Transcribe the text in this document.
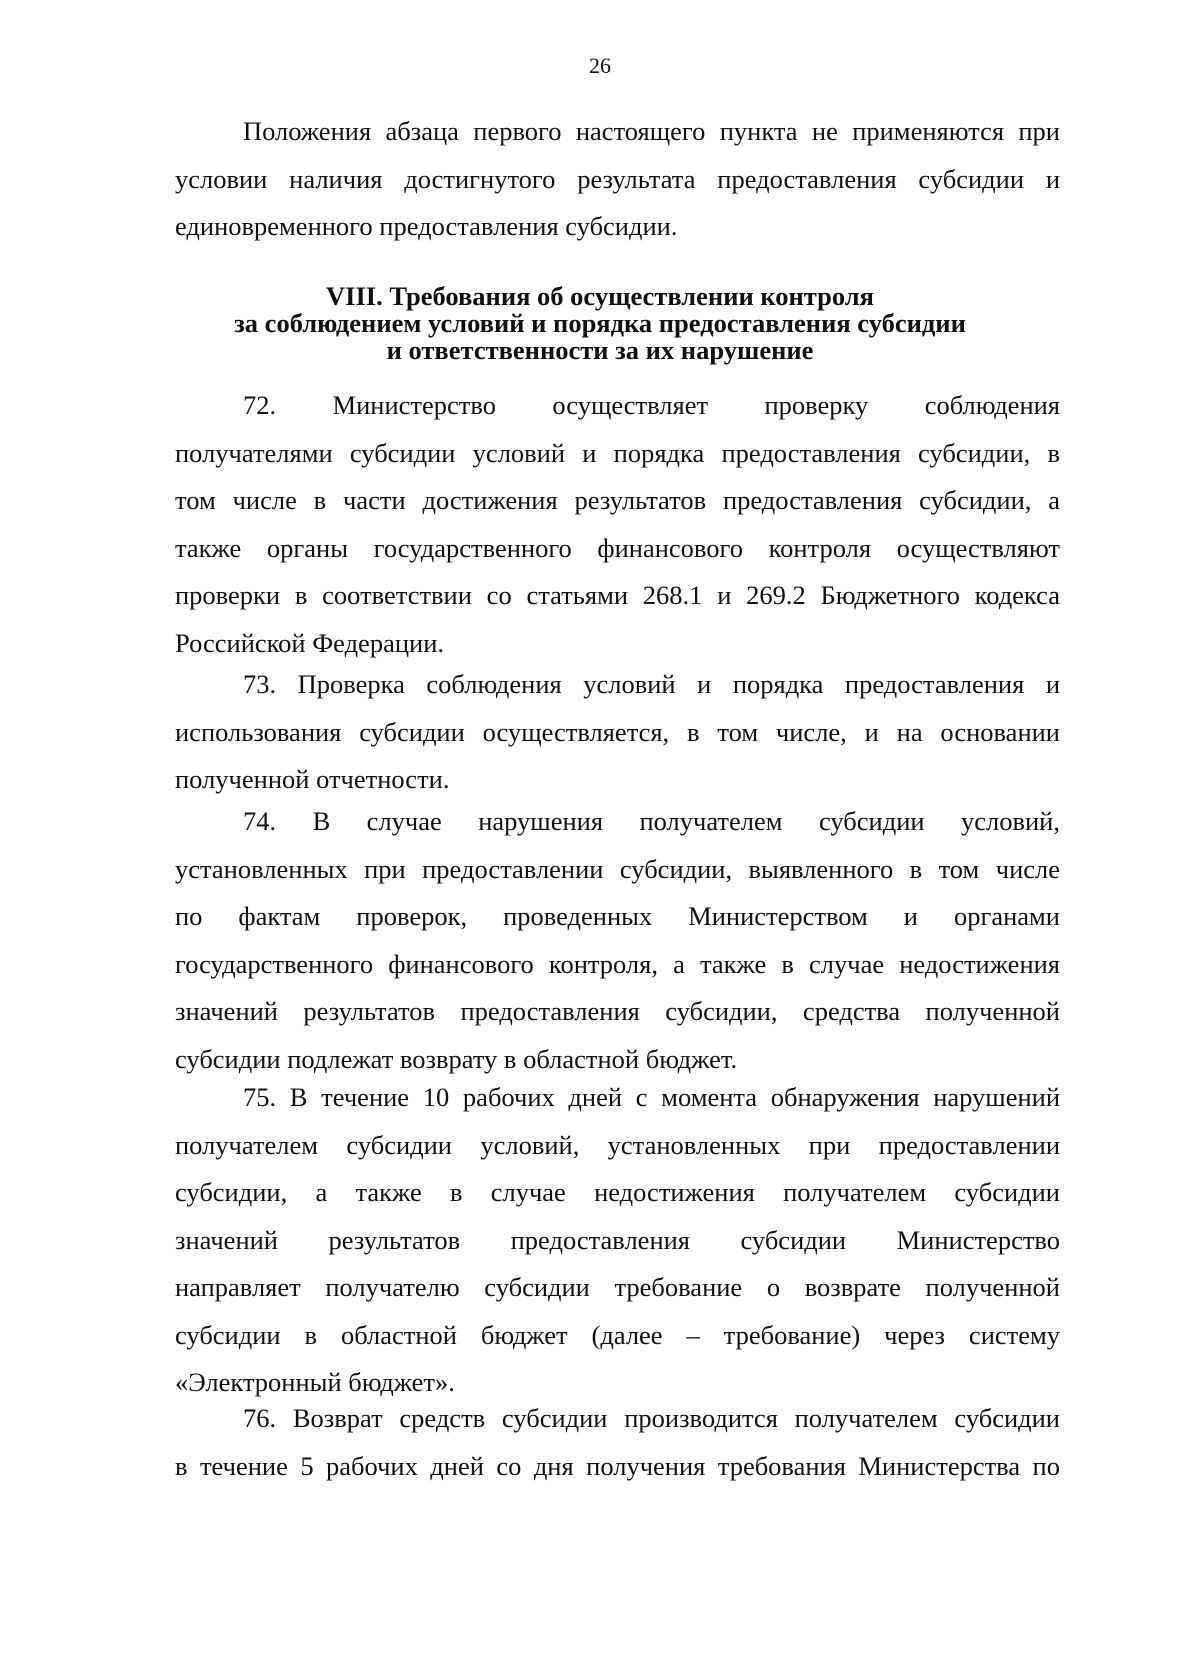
26
Положения абзаца первого настоящего пункта не применяются при
условии наличия достигнутого результата предоставления субсидии и
единовременного предоставления субсидии.
VIII. Требования об осуществлении контроля
за соблюдением условий и порядка предоставления субсидии
и ответственности за их нарушение
72. Министерство осуществляет проверку соблюдения
получателями субсидии условий и порядка предоставления субсидии, в
том числе в части достижения результатов предоставления субсидии, а
также органы государственного финансового контроля осуществляют
проверки в соответствии со статьями 268.1 и 269.2 Бюджетного кодекса
Российской Федерации.
73. Проверка соблюдения условий и порядка предоставления и
использования субсидии осуществляется, в том числе, и на основании
полученной отчетности.
74. В случае нарушения получателем субсидии условий,
установленных при предоставлении субсидии, выявленного в том числе
по фактам проверок, проведенных Министерством и органами
государственного финансового контроля, а также в случае недостижения
значений результатов предоставления субсидии, средства полученной
субсидии подлежат возврату в областной бюджет.
75. В течение 10 рабочих дней с момента обнаружения нарушений
получателем субсидии условий, установленных при предоставлении
субсидии, а также в случае недостижения получателем субсидии
значений результатов предоставления субсидии Министерство
направляет получателю субсидии требование о возврате полученной
субсидии в областной бюджет (далее – требование) через систему
«Электронный бюджет».
76. Возврат средств субсидии производится получателем субсидии
в течение 5 рабочих дней со дня получения требования Министерства по
